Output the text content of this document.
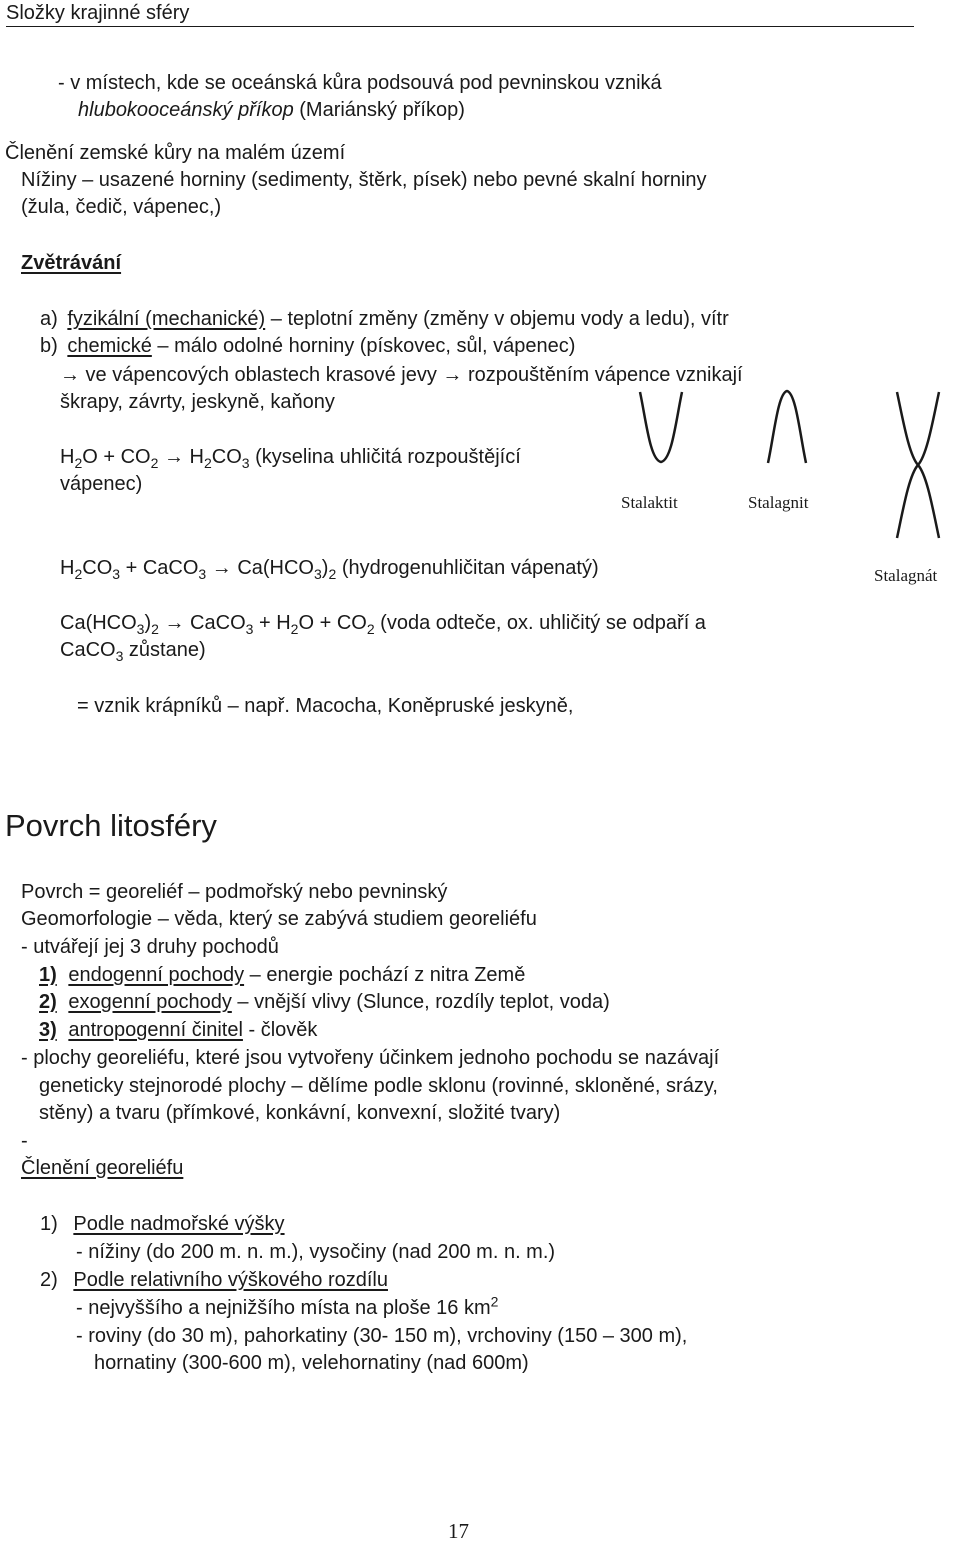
Složky krajinné sféry
- v místech, kde se oceánská kůra podsouvá pod pevninskou vzniká
hlubokooceánský příkop (Mariánský příkop)
Členění zemské kůry na malém území
Nížiny – usazené horniny (sedimenty, štěrk, písek) nebo pevné skalní horniny
(žula, čedič, vápenec,)
Zvětrávání
a) fyzikální (mechanické) – teplotní změny (změny v objemu vody a ledu), vítr
b) chemické – málo odolné horniny (pískovec, sůl, vápenec)
→ ve vápencových oblastech krasové jevy → rozpouštěním vápence vznikají
škrapy, závrty, jeskyně, kaňony
$H_2O + CO_2 \to H_2CO_3$ (kyselina uhličitá rozpouštějící
vápenec)
$H_2CO_3$ + CaCO$_3$ → $Ca(HCO_3)_2$ (hydrogenuhličitan vápenatý)
$Ca(HCO_3)_2$ → CaCO$_3$ + $H_2O + CO_2$ (voda odteče, ox. uhličitý se odpaří a
CaCO$_3$ zůstane)
= vznik krápníků – např. Macocha, Koněpruské jeskyně,
Stalaktit	Stalagnit
Stalagnát
Povrch litosféry
Povrch = georeliéf – podmořský nebo pevninský
Geomorfologie – věda, který se zabývá studiem georeliéfu
- utvářejí jej 3 druhy pochodů
1) endogenní pochody – energie pochází z nitra Země
2) exogenní pochody – vnější vlivy (Slunce, rozdíly teplot, voda)
3) antropogenní činitel - člověk
- plochy georeliéfu, které jsou vytvořeny účinkem jednoho pochodu se nazávají
geneticky stejnorodé plochy – dělíme podle sklonu (rovinné, skloněné, srázy,
stěny) a tvaru (přímkové, konkávní, konvexní, složité tvary)
-
Členění georeliéfu
1) Podle nadmořské výšky
- nížiny (do 200 m. n. m.), vysočiny (nad 200 m. n. m.)
2) Podle relativního výškového rozdílu
- nejvyššího a nejnižšího místa na ploše 16 $km^2$
- roviny (do 30 m), pahorkatiny (30- 150 m), vrchoviny (150 – 300 m),
hornatiny (300-600 m), velehornatiny (nad 600m)
17
